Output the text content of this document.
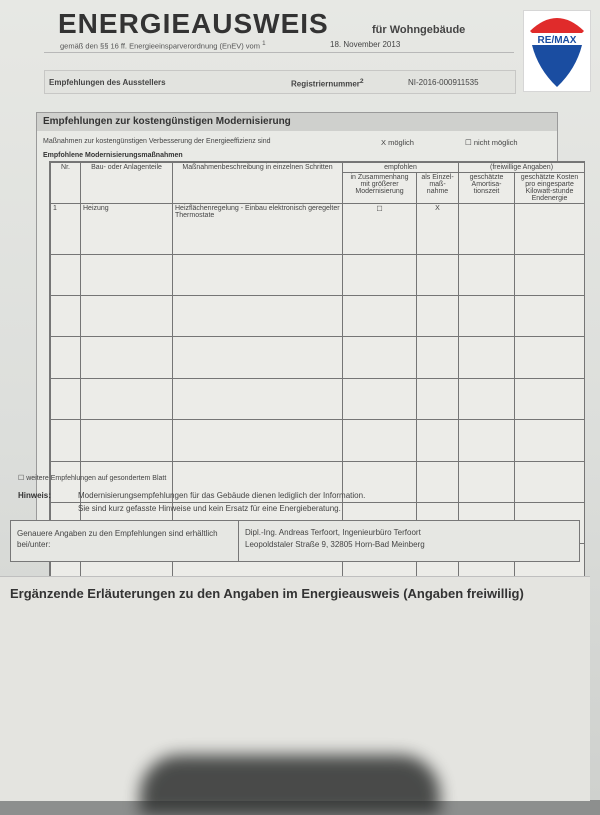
ENERGIEAUSWEIS	für Wohngebäude
gemäß den §§ 16 ff. Energieeinsparverordnung (EnEV) vom $^1$	18. November 2013	RE/MAX
Empfehlungen des Ausstellers	Registriernummer$^2$	NI-2016-000911535
Empfehlungen zur kostengünstigen Modernisierung
Maßnahmen zur kostengünstigen Verbesserung der Energieeffizienz sind	X möglich	☐ nicht möglich
Empfohlene Modernisierungsmaßnahmen
Nr.	Bau- oder Anlagenteile	Maßnahmenbeschreibung in einzelnen Schritten	empfohlen		(freiwillige Angaben)	
			in Zusammenhang mit größerer Modernisierung	als Einzel-maß-nahme	geschätzte Amortisa-tionszeit	geschätzte Kosten pro eingesparte Kilowatt-stunde Endenergie
1	Heizung	Heizflächenregelung - Einbau elektronisch geregelter Thermostate	☐	X		

☐ weitere Empfehlungen auf gesondertem Blatt
Hinweis:	Modernisierungsempfehlungen für das Gebäude dienen lediglich der Information.
Sie sind kurz gefasste Hinweise und kein Ersatz für eine Energieberatung.
Genauere Angaben zu den Empfehlungen sind erhältlich bei/unter:
Dipl.-Ing. Andreas Terfoort, Ingenieurbüro Terfoort
Leopoldstaler Straße 9, 32805 Horn-Bad Meinberg
Ergänzende Erläuterungen zu den Angaben im Energieausweis (Angaben freiwillig)
